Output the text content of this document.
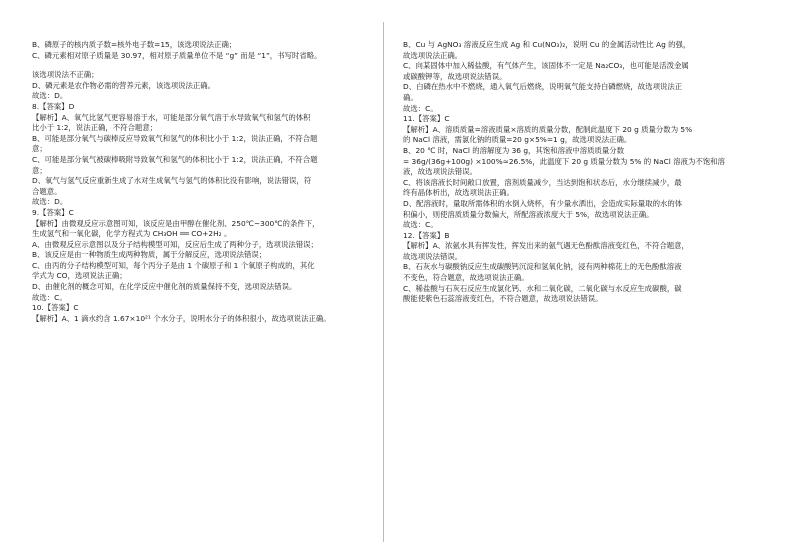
B、磷原子的核内质子数=核外电子数=15，该选项说法正确；
C、磷元素相对原子质量是 30.97，相对原子质量单位不是 “g” 而是 “1”，书写时省略。
该选项说法不正确；
D、磷元素是农作物必需的营养元素，该选项说法正确。
故选：D。
8.【答案】D
【解析】A、氧气比氢气更容易溶于水，可能是部分氧气溶于水导致氧气和氢气的体积
比小于 1:2，说法正确，不符合题意；
B、可能是部分氧气与碳棒反应导致氧气和氢气的体积比小于 1:2，说法正确，不符合题
意；
C、可能是部分氧气被碳棒吸附导致氧气和氢气的体积比小于 1:2，说法正确，不符合题
意；
D、氧气与氢气反应重新生成了水对生成氧气与氢气的体积比没有影响，说法错误，符
合题意。
故选：D。
9.【答案】C
【解析】由微观反应示意图可知，该反应是由甲醇在催化剂、250℃~300℃的条件下，
生成氢气和一氧化碳，化学方程式为 CH₃OH ══ CO+2H₂ 。
A、由微观反应示意图以及分子结构模型可知，反应后生成了两种分子，选项说法错误；
B、该反应是由一种物质生成两种物质，属于分解反应，选项说法错误；
C、由丙的分子结构模型可知，每个丙分子是由 1 个碳原子和 1 个氧原子构成的，其化
学式为 CO，选项说法正确；
D、由催化剂的概念可知，在化学反应中催化剂的质量保持不变，选项说法错误。
故选：C。
10.【答案】C
【解析】A、1 滴水约含 1.67×10²¹ 个水分子，说明水分子的体积很小，故选项说法正确。
B、Cu 与 AgNO₃ 溶液反应生成 Ag 和 Cu(NO₃)₂，说明 Cu 的金属活动性比 Ag 的强，
故选项说法正确。
C、向某固体中加入稀盐酸，有气体产生，该固体不一定是 Na₂CO₃，也可能是活泼金属
或碳酸钾等，故选项说法错误。
D、白磷在热水中不燃烧，通入氧气后燃烧，说明氧气能支持白磷燃烧，故选项说法正
确。
故选：C。
11.【答案】C
【解析】A、溶质质量=溶液质量×溶质的质量分数，配制此温度下 20 g 质量分数为 5%
的 NaCl 溶液，需氯化钠的质量=20 g×5%=1 g，故选项说法正确。
B、20 ℃ 时，NaCl 的溶解度为 36 g，其饱和溶液中溶质质量分数
= 36g/(36g+100g) ×100%≈26.5%，此温度下 20 g 质量分数为 5% 的 NaCl 溶液为不饱和溶
液，故选项说法错误。
C、将该溶液长时间敞口放置，溶剂质量减少，当达到饱和状态后，水分继续减少，最
终有晶体析出，故选项说法正确。
D、配溶液时，量取所需体积的水倒入烧杯，有少量水洒出，会造成实际量取的水的体
积偏小，则使溶质质量分数偏大，所配溶液浓度大于 5%，故选项说法正确。
故选：C。
12.【答案】B
【解析】A、浓氨水具有挥发性，挥发出来的氨气遇无色酚酞溶液变红色，不符合题意，
故选项说法错误。
B、石灰水与碳酸钠反应生成碳酸钙沉淀和氢氧化钠，浸有两种棉花上的无色酚酞溶液
不变色，符合题意，故选项说法正确。
C、稀盐酸与石灰石反应生成氯化钙、水和二氧化碳，二氧化碳与水反应生成碳酸，碳
酸能使紫色石蕊溶液变红色，不符合题意，故选项说法错误。
